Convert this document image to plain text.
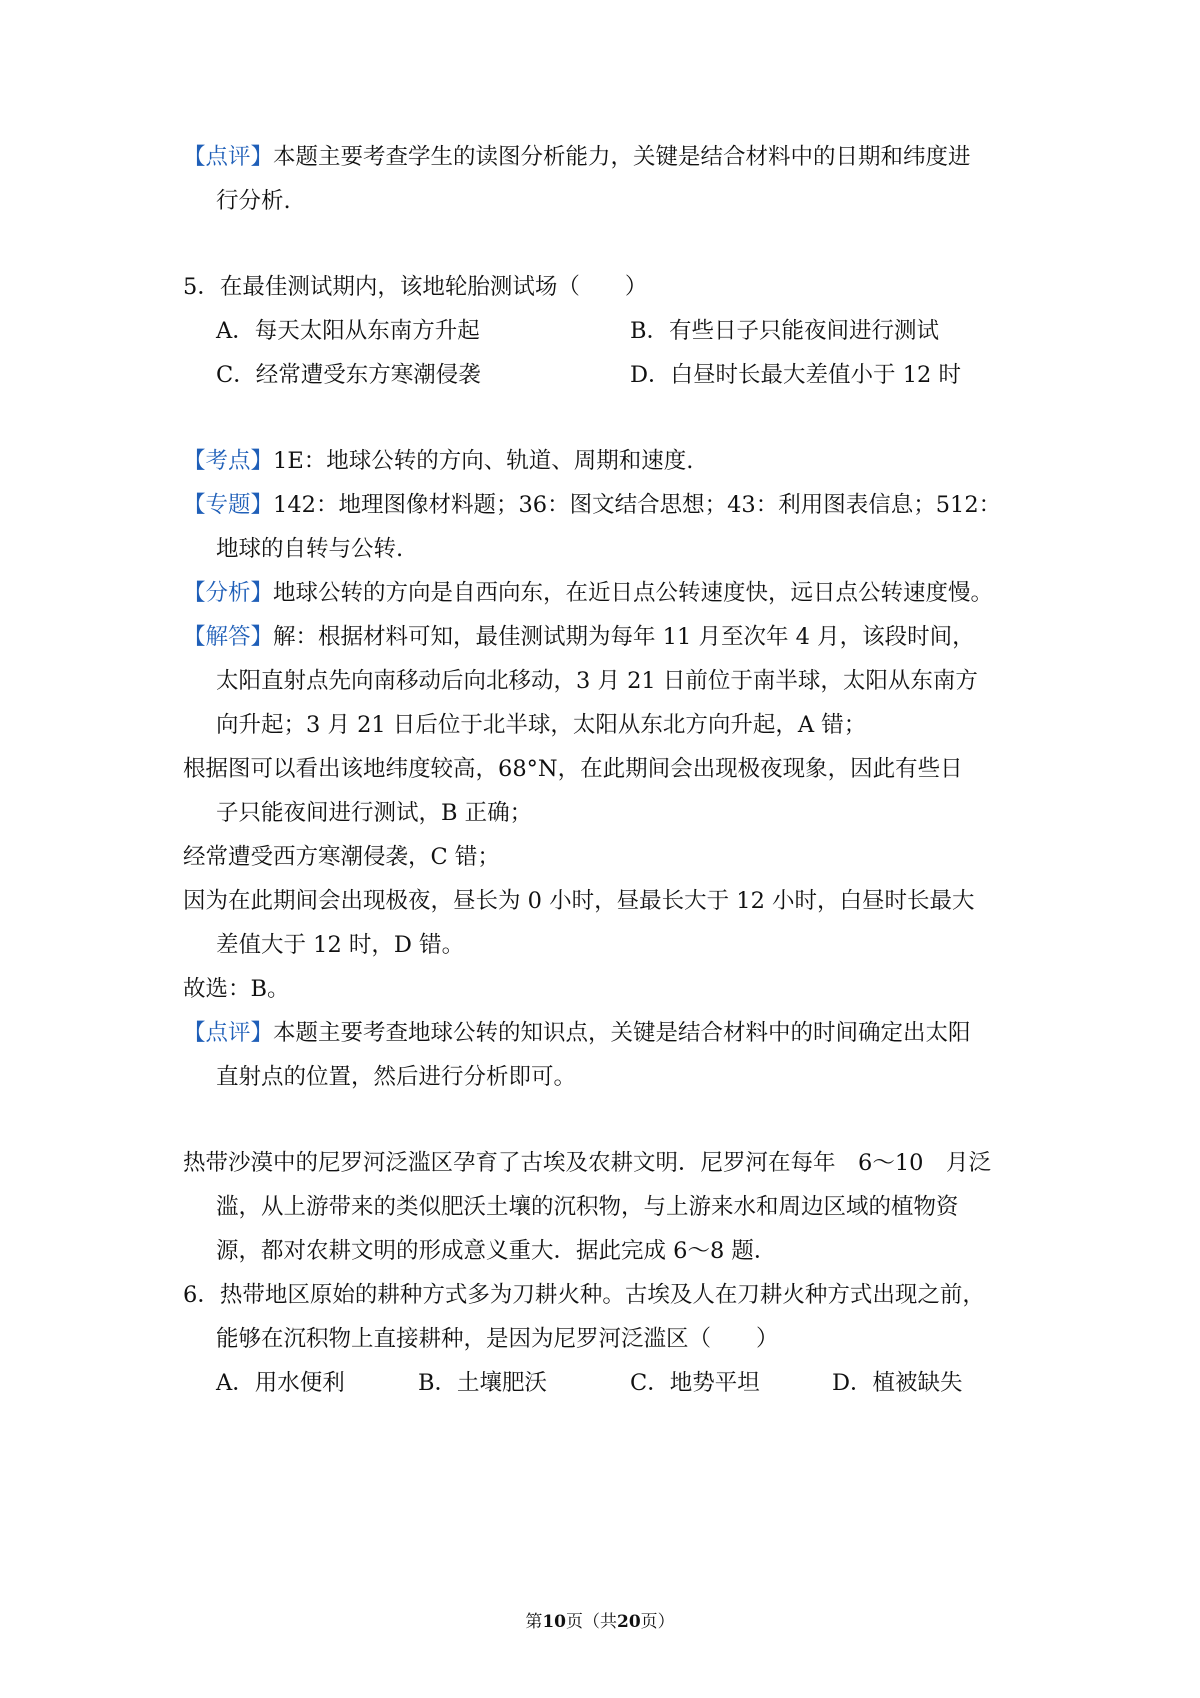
【点评】本题主要考查学生的读图分析能力，关键是结合材料中的日期和纬度进
行分析.
5．在最佳测试期内，该地轮胎测试场（　　）
A．每天太阳从东南方升起	B．有些日子只能夜间进行测试
C．经常遭受东方寒潮侵袭	D．白昼时长最大差值小于 12 时
【考点】1E：地球公转的方向、轨道、周期和速度.
【专题】142：地理图像材料题；36：图文结合思想；43：利用图表信息；512：
地球的自转与公转.
【分析】地球公转的方向是自西向东，在近日点公转速度快，远日点公转速度慢。
【解答】解：根据材料可知，最佳测试期为每年 11 月至次年 4 月，该段时间，
太阳直射点先向南移动后向北移动，3 月 21 日前位于南半球，太阳从东南方
向升起；3 月 21 日后位于北半球，太阳从东北方向升起，A 错；
根据图可以看出该地纬度较高，68°N，在此期间会出现极夜现象，因此有些日
子只能夜间进行测试，B 正确；
经常遭受西方寒潮侵袭，C 错；
因为在此期间会出现极夜，昼长为 0 小时，昼最长大于 12 小时，白昼时长最大
差值大于 12 时，D 错。
故选：B。
【点评】本题主要考查地球公转的知识点，关键是结合材料中的时间确定出太阳
直射点的位置，然后进行分析即可。
热带沙漠中的尼罗河泛滥区孕育了古埃及农耕文明．尼罗河在每年　6～10　月泛
滥，从上游带来的类似肥沃土壤的沉积物，与上游来水和周边区域的植物资
源，都对农耕文明的形成意义重大．据此完成 6～8 题．
6．热带地区原始的耕种方式多为刀耕火种。古埃及人在刀耕火种方式出现之前，
能够在沉积物上直接耕种，是因为尼罗河泛滥区（　　）
A．用水便利	B．土壤肥沃	C．地势平坦	D．植被缺失
第10页（共20页）
